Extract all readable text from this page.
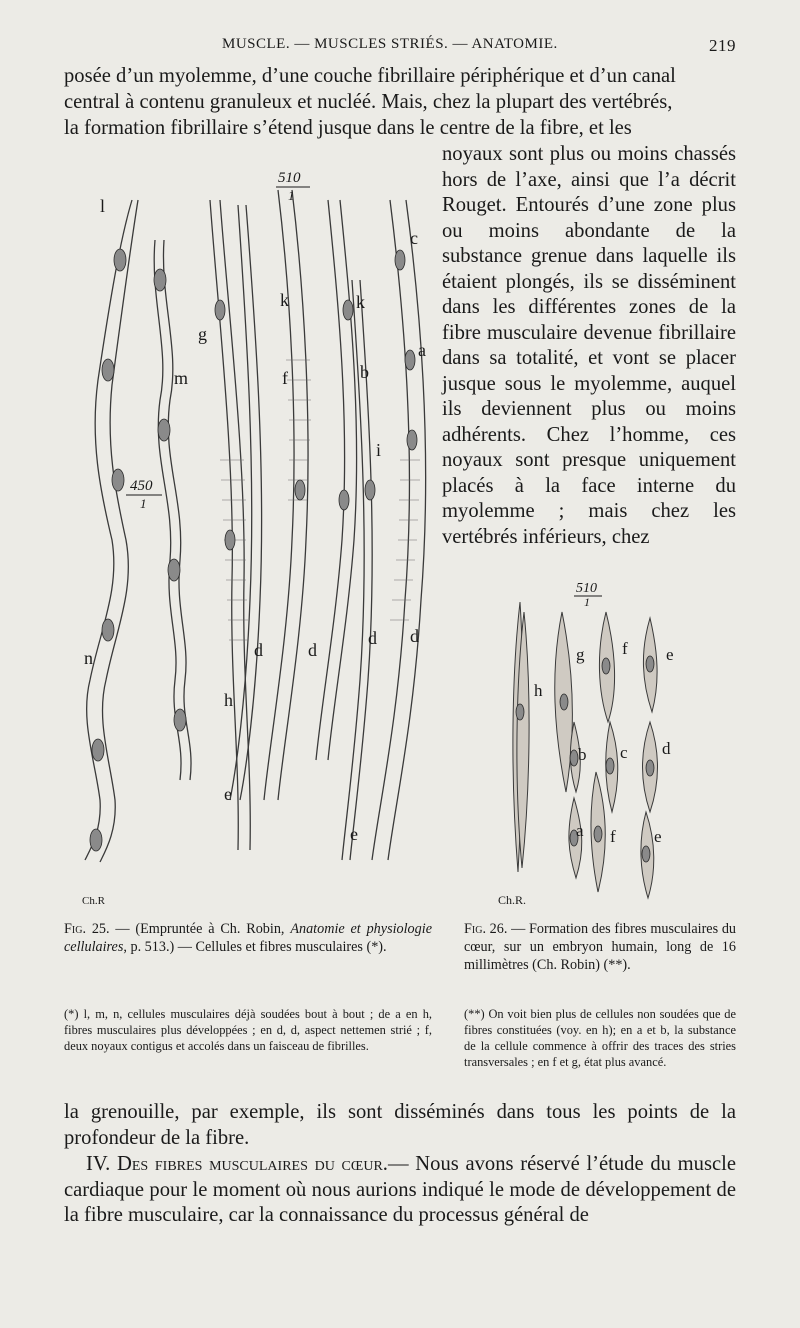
MUSCLE. — MUSCLES STRIÉS. — ANATOMIE.	219

posée d’un myolemme, d’une couche fibrillaire périphérique et d’un canal

central à contenu granuleux et nucléé. Mais, chez la plupart des vertébrés,

la formation fibrillaire s’étend jusque dans le centre de la fibre, et les

noyaux sont plus ou moins chassés hors de l’axe, ainsi que l’a décrit Rouget. Entourés d’une zone plus ou moins abondante de la substance grenue dans laquelle ils étaient plongés, ils se disséminent dans les différentes zones de la fibre musculaire devenue fibrillaire dans sa totalité, et vont se placer jusque sous le myolemme, auquel ils deviennent plus ou moins adhérents. Chez l’homme, ces noyaux sont presque uniquement placés à la face interne du myolemme ; mais chez les vertébrés inférieurs, chez

510
1
450
1
l
m
n
g
k	k
f	b
i
c
a
d	d
d d
h
e
e
Ch.R
510
1
h
g f e
b c d
a f e
Ch.R.

Fig. 25. — (Empruntée à Ch. Robin, Anatomie et physiologie cellulaires, p. 513.) — Cellules et fibres musculaires (*).

Fig. 26. — Formation des fibres musculaires du cœur, sur un embryon humain, long de 16 millimètres (Ch. Robin) (**).

(*) l, m, n, cellules musculaires déjà soudées bout à bout ; de a en h, fibres musculaires plus développées ; en d, d, aspect nettemen strié ; f, deux noyaux contigus et accolés dans un faisceau de fibrilles.

(**) On voit bien plus de cellules non soudées que de fibres constituées (voy. en h); en a et b, la substance de la cellule commence à offrir des traces des stries transversales ; en f et g, état plus avancé.

la grenouille, par exemple, ils sont disséminés dans tous les points de la profondeur de la fibre.

IV. Des fibres musculaires du cœur.— Nous avons réservé l’étude du muscle cardiaque pour le moment où nous aurions indiqué le mode de développement de la fibre musculaire, car la connaissance du processus général de
